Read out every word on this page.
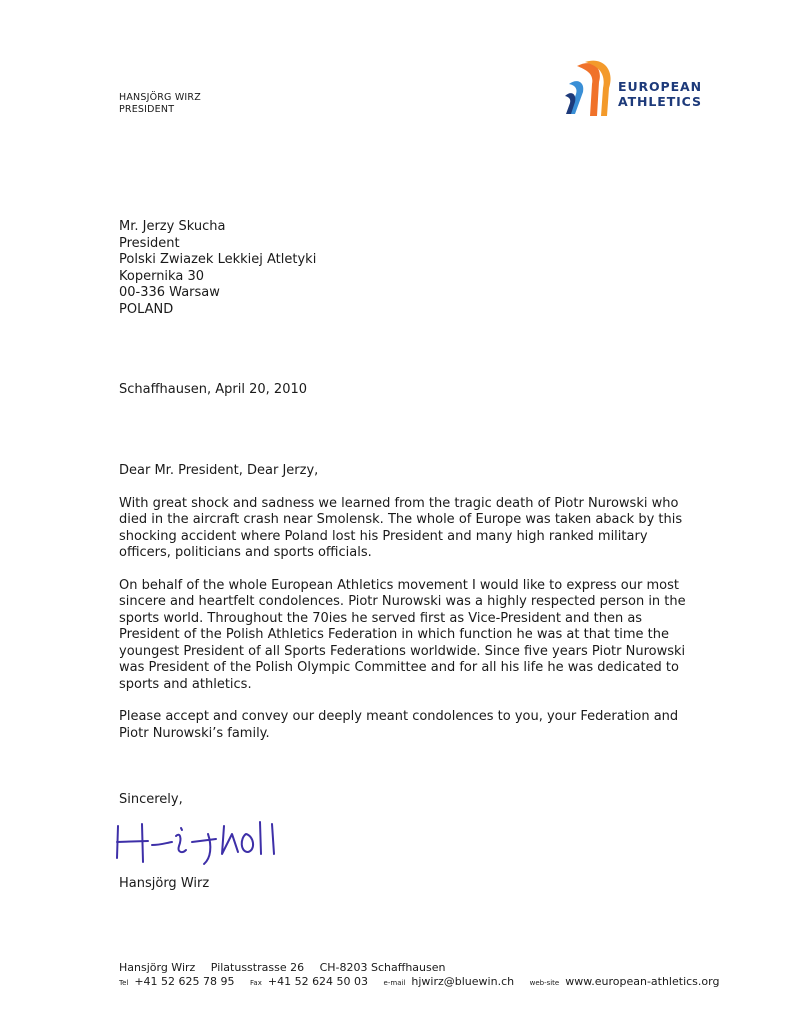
HANSJÖRG WIRZ
PRESIDENT
EUROPEAN
ATHLETICS
Mr. Jerzy Skucha
President
Polski Zwiazek Lekkiej Atletyki
Kopernika 30
00-336 Warsaw
POLAND
Schaffhausen, April 20, 2010

Dear Mr. President, Dear Jerzy,

With great shock and sadness we learned from the tragic death of Piotr Nurowski who died in the aircraft crash near Smolensk. The whole of Europe was taken aback by this shocking accident where Poland lost his President and many high ranked military officers, politicians and sports officials.

On behalf of the whole European Athletics movement I would like to express our most sincere and heartfelt condolences. Piotr Nurowski was a highly respected person in the sports world. Throughout the 70ies he served first as Vice-President and then as President of the Polish Athletics Federation in which function he was at that time the youngest President of all Sports Federations worldwide. Since five years Piotr Nurowski was President of the Polish Olympic Committee and for all his life he was dedicated to sports and athletics.

Please accept and convey our deeply meant condolences to you, your Federation and Piotr Nurowski’s family.

Sincerely,
Hansjörg Wirz
Hansjörg Wirz Pilatusstrasse 26 CH-8203 Schaffhausen
Tel +41 52 625 78 95 Fax +41 52 624 50 03 e-mail hjwirz@bluewin.ch web-site www.european-athletics.org
